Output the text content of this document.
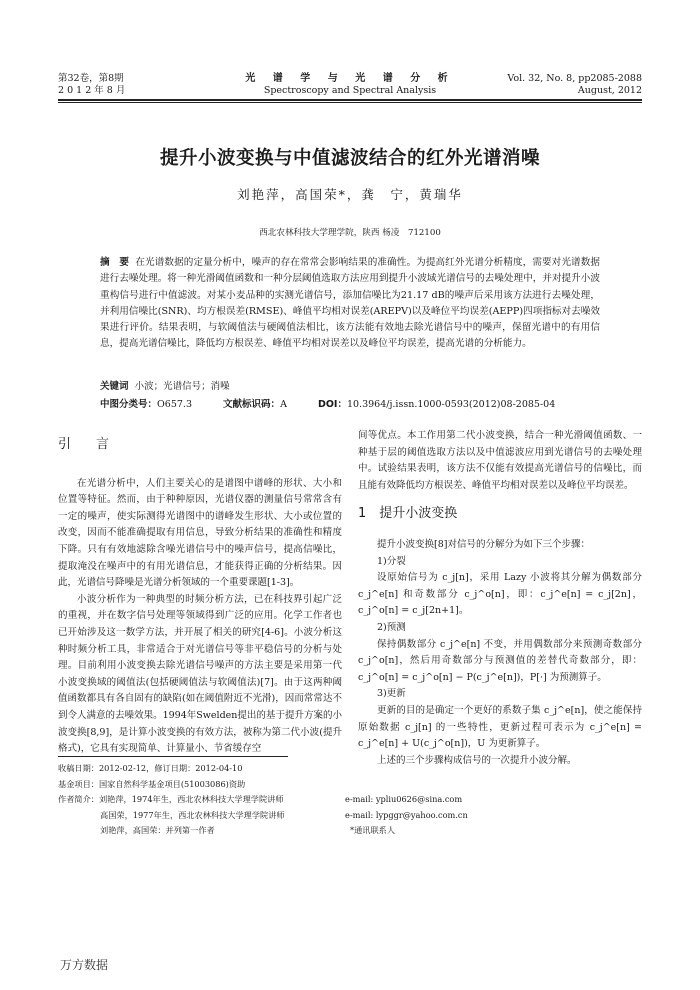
第32卷，第8期
2 0 1 2 年 8 月
光 谱 学 与 光 谱 分 析
Spectroscopy and Spectral Analysis
Vol. 32, No. 8, pp2085-2088
August, 2012
提升小波变换与中值滤波结合的红外光谱消噪
刘艳萍，高国荣*，龚　宁，黄瑞华
西北农林科技大学理学院，陕西 杨凌　712100
摘　要 在光谱数据的定量分析中，噪声的存在常常会影响结果的准确性。为提高红外光谱分析精度，需要对光谱数据进行去噪处理。将一种光滑阈值函数和一种分层阈值选取方法应用到提升小波域光谱信号的去噪处理中，并对提升小波重构信号进行中值滤波。对某小麦品种的实测光谱信号，添加信噪比为21.17 dB的噪声后采用该方法进行去噪处理，并利用信噪比(SNR)、均方根误差(RMSE)、峰值平均相对误差(AREPV)以及峰位平均误差(AEPP)四项指标对去噪效果进行评价。结果表明，与软阈值法与硬阈值法相比，该方法能有效地去除光谱信号中的噪声，保留光谱中的有用信息，提高光谱信噪比，降低均方根误差、峰值平均相对误差以及峰位平均误差，提高光谱的分析能力。
关键词 小波；光谱信号；消噪
中图分类号：O657.3	文献标识码：A	DOI：10.3964/j.issn.1000-0593(2012)08-2085-04
引　言

在光谱分析中，人们主要关心的是谱图中谱峰的形状、大小和位置等特征。然而，由于种种原因，光谱仪器的测量信号常常含有一定的噪声，使实际测得光谱图中的谱峰发生形状、大小或位置的改变，因而不能准确提取有用信息，导致分析结果的准确性和精度下降。只有有效地滤除含噪光谱信号中的噪声信号，提高信噪比，提取淹没在噪声中的有用光谱信息，才能获得正确的分析结果。因此，光谱信号降噪是光谱分析领域的一个重要课题[1-3]。

小波分析作为一种典型的时频分析方法，已在科技界引起广泛的重视，并在数字信号处理等领域得到广泛的应用。化学工作者也已开始涉及这一数学方法，并开展了相关的研究[4-6]。小波分析这种时频分析工具，非常适合于对光谱信号等非平稳信号的分析与处理。目前利用小波变换去除光谱信号噪声的方法主要是采用第一代小波变换域的阈值法(包括硬阈值法与软阈值法)[7]。由于这两种阈值函数都具有各自固有的缺陷(如在阈值附近不光滑)，因而常常达不到令人满意的去噪效果。1994年Swelden提出的基于提升方案的小波变换[8,9]，是计算小波变换的有效方法，被称为第二代小波(提升格式)，它具有实现简单、计算量小、节省缓存空

间等优点。本工作用第二代小波变换，结合一种光滑阈值函数、一种基于层的阈值选取方法以及中值滤波应用到光谱信号的去噪处理中。试验结果表明，该方法不仅能有效提高光谱信号的信噪比，而且能有效降低均方根误差、峰值平均相对误差以及峰位平均误差。

1　提升小波变换

提升小波变换[8]对信号的分解分为如下三个步骤：

1)分裂

设原始信号为 c_j[n]，采用 Lazy 小波将其分解为偶数部分 c_j^e[n] 和奇数部分 c_j^o[n]，即：c_j^e[n] = c_j[2n]，c_j^o[n] = c_j[2n+1]。

2)预测

保持偶数部分 c_j^e[n] 不变，并用偶数部分来预测奇数部分 c_j^o[n]，然后用奇数部分与预测值的差替代奇数部分，即：c_j^o[n] = c_j^o[n] − P(c_j^e[n])，P[·] 为预测算子。

3)更新

更新的目的是确定一个更好的系数子集 c_j^e[n]，使之能保持原始数据 c_j[n] 的一些特性，更新过程可表示为 c_j^e[n] = c_j^e[n] + U(c_j^o[n])，U 为更新算子。

上述的三个步骤构成信号的一次提升小波分解。

收稿日期：2012-02-12，修订日期：2012-04-10
基金项目：国家自然科学基金项目(51003086)资助
作者简介：刘艳萍，1974年生，西北农林科技大学理学院讲师
高国荣，1977年生，西北农林科技大学理学院讲师
刘艳萍，高国荣：并列第一作者
e-mail: ypliu0626@sina.com
e-mail: lypggr@yahoo.com.cn
*通讯联系人
万方数据
